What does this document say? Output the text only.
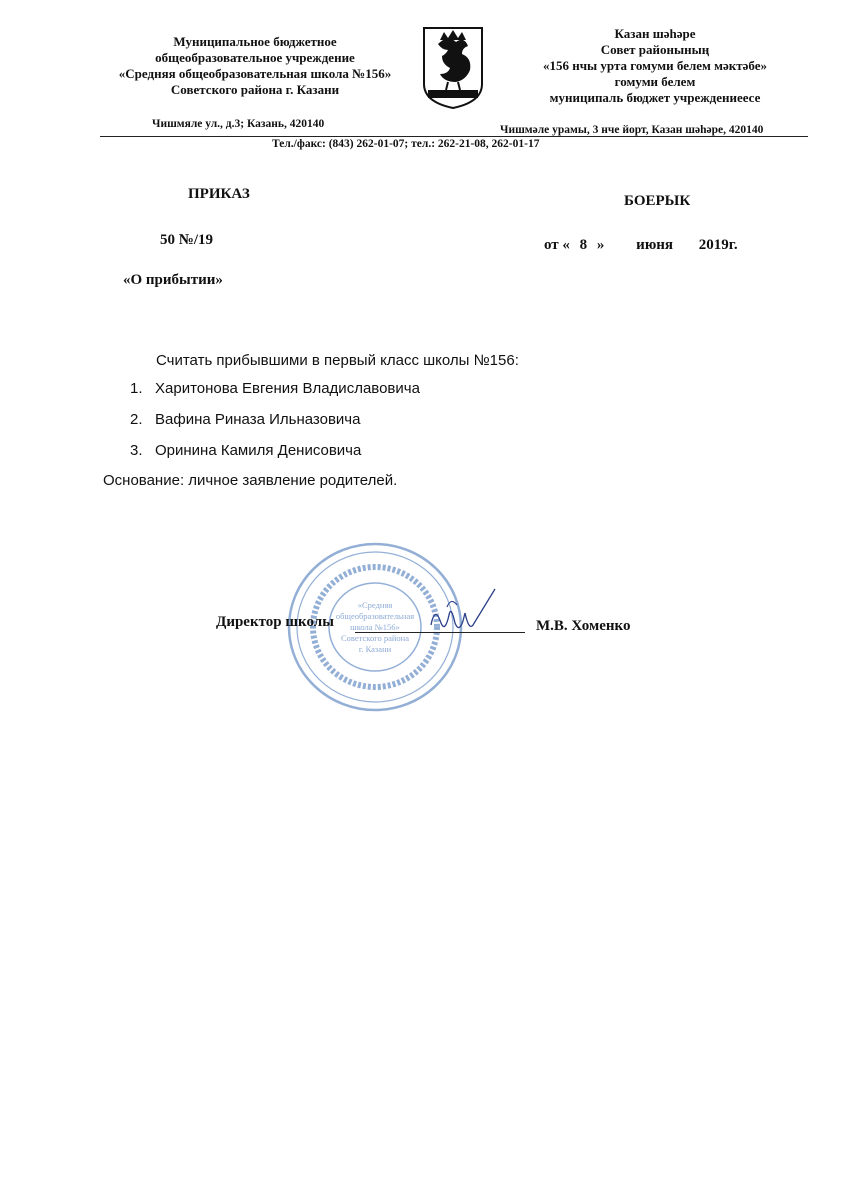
Муниципальное бюджетное
общеобразовательное учреждение
«Средняя общеобразовательная школа №156»
Советского района г. Казани
Казан шәһәре
Совет районының
«156 нчы урта гомуми белем мәктәбе»
гомуми белем
муниципаль бюджет учреждениеесе
Чишмяле ул., д.3; Казань, 420140	Чишмәле урамы, 3 нче йорт, Казан шәһәре, 420140
Тел./факс: (843) 262-01-07; тел.: 262-21-08, 262-01-17
ПРИКАЗ	БОЕРЫК
50 №/19	от « 8 » июня 2019г.
«О прибытии»
Считать прибывшими в первый класс школы №156:
1. Харитонова Евгения Владиславовича
2. Вафина Риназа Ильназовича
3. Оринина Камиля Денисовича
Основание: личное заявление родителей.
«Средняя
общеобразовательная
школа №156»
Советского района
г. Казани
Директор школы	М.В. Хоменко
